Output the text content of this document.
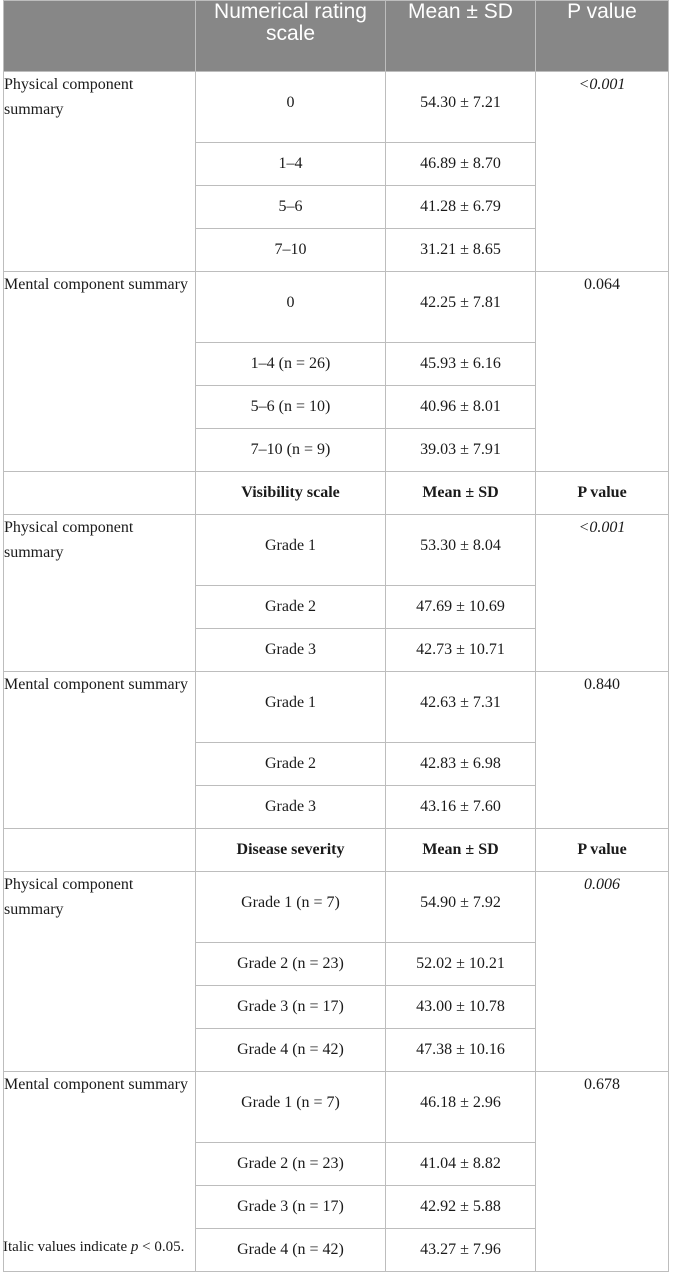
	Numerical rating scale	Mean ± SD	P value
Physical component summary	0	54.30 ± 7.21	<0.001
	1–4	46.89 ± 8.70	
	5–6	41.28 ± 6.79	
	7–10	31.21 ± 8.65	
Mental component summary	0	42.25 ± 7.81	0.064
	1–4 (n = 26)	45.93 ± 6.16	
	5–6 (n = 10)	40.96 ± 8.01	
	7–10 (n = 9)	39.03 ± 7.91	
	Visibility scale	Mean ± SD	P value
Physical component summary	Grade 1	53.30 ± 8.04	<0.001
	Grade 2	47.69 ± 10.69	
	Grade 3	42.73 ± 10.71	
Mental component summary	Grade 1	42.63 ± 7.31	0.840
	Grade 2	42.83 ± 6.98	
	Grade 3	43.16 ± 7.60	
	Disease severity	Mean ± SD	P value
Physical component summary	Grade 1 (n = 7)	54.90 ± 7.92	0.006
	Grade 2 (n = 23)	52.02 ± 10.21	
	Grade 3 (n = 17)	43.00 ± 10.78	
	Grade 4 (n = 42)	47.38 ± 10.16	
Mental component summary	Grade 1 (n = 7)	46.18 ± 2.96	0.678
	Grade 2 (n = 23)	41.04 ± 8.82	
	Grade 3 (n = 17)	42.92 ± 5.88	
	Grade 4 (n = 42)	43.27 ± 7.96	
Italic values indicate p < 0.05.
